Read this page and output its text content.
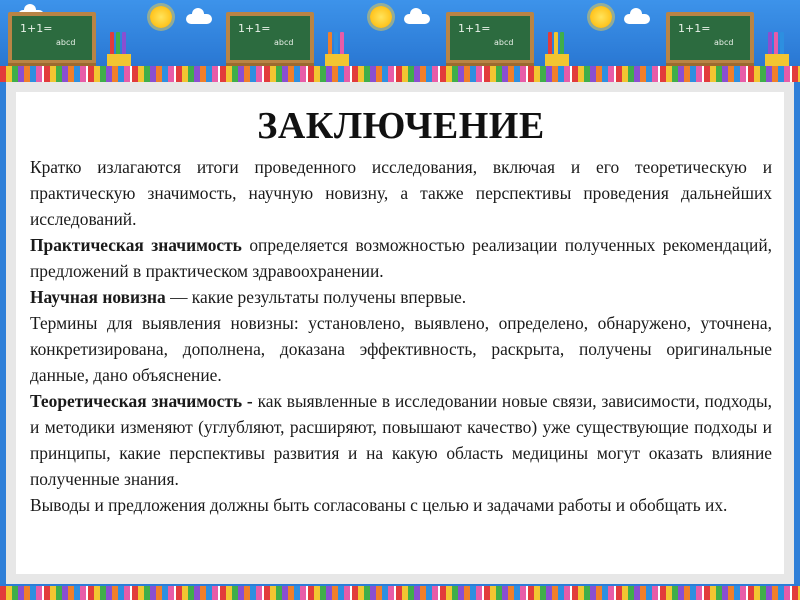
1+1=
abcd
1+1=
abcd
1+1=
abcd
1+1=
abcd
ЗАКЛЮЧЕНИЕ

Кратко излагаются итоги проведенного исследования, включая и его теоретическую и практическую значимость, научную новизну, а также перспективы проведения дальнейших исследований.

Практическая значимость определяется возможностью реализации полученных рекомендаций, предложений в практическом здравоохранении.

Научная новизна — какие результаты получены впервые.

Термины для выявления новизны: установлено, выявлено, определено, обнаружено, уточнена, конкретизирована, дополнена, доказана эффективность, раскрыта, получены оригинальные данные, дано объяснение.

Теоретическая значимость - как выявленные в исследовании новые связи, зависимости, подходы, и методики изменяют (углубляют, расширяют, повышают качество) уже существующие подходы и принципы, какие перспективы развития и на какую область медицины могут оказать влияние полученные знания.

Выводы и предложения должны быть согласованы с целью и задачами работы и обобщать их.
